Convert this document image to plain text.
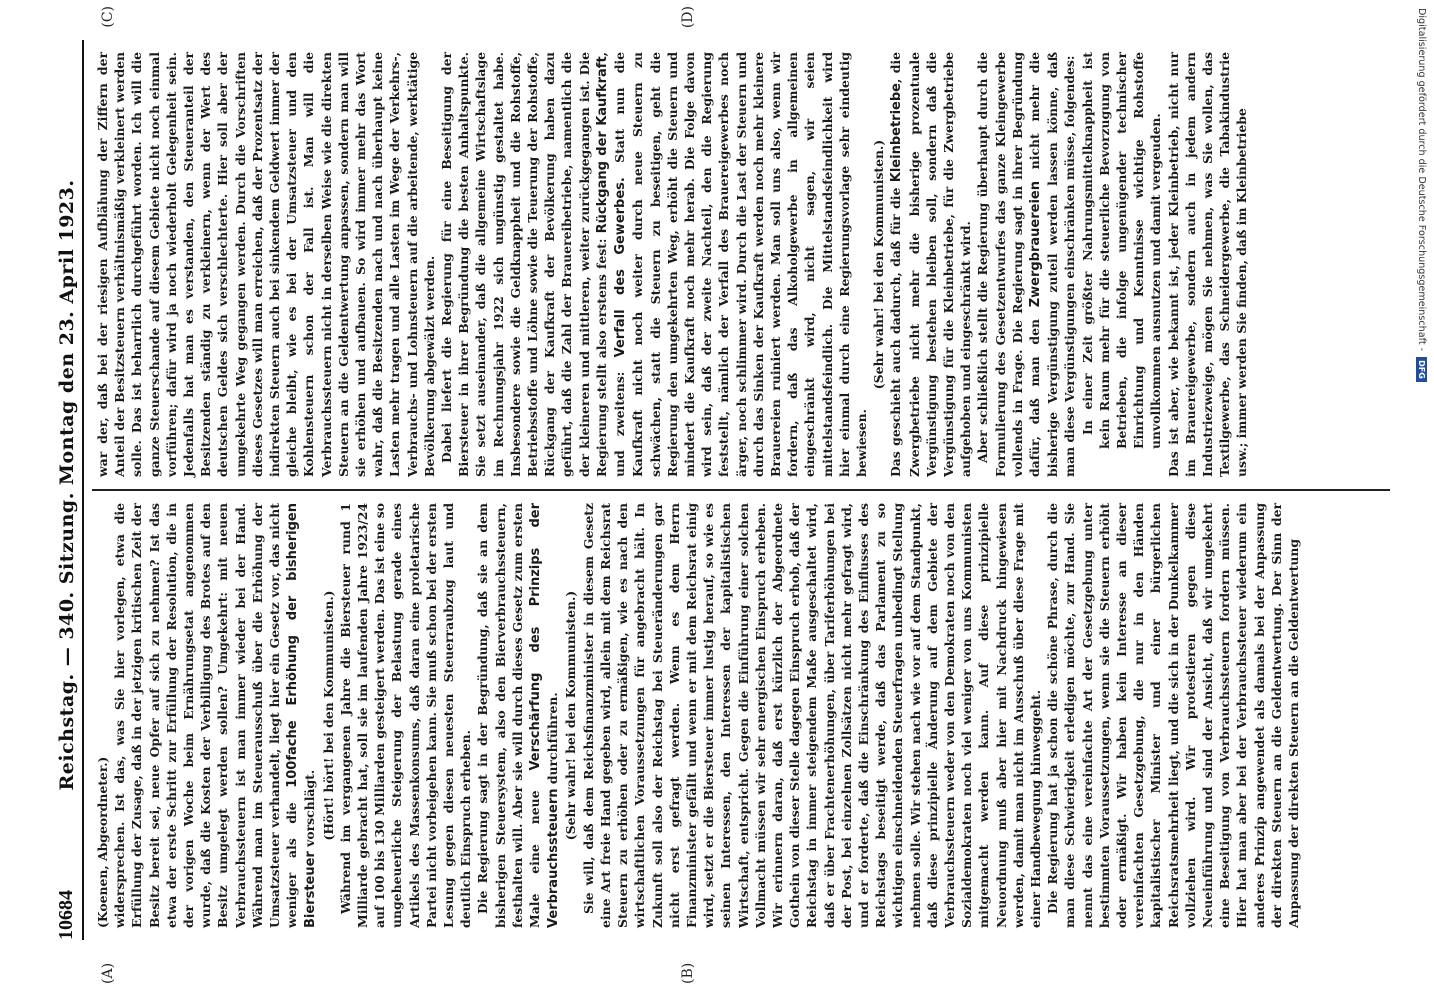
10684
Reichstag. — 340. Sitzung. Montag den 23. April 1923.
(A)	(B)
(C)	(D)

(Koenen, Abgeordneter.) widersprechen. Ist das, was Sie hier vorlegen, etwa die Erfüllung der Zusage, daß in der jetzigen kritischen Zeit der Besitz bereit sei, neue Opfer auf sich zu nehmen? Ist das etwa der erste Schritt zur Erfüllung der Resolution, die in der vorigen Woche beim Ernährungsetat angenommen wurde, daß die Kosten der Verbilligung des Brotes auf den Besitz umgelegt werden sollen? Umgekehrt: mit neuen Verbrauchssteuern ist man immer wieder bei der Hand. Während man im Steuerausschuß über die Erhöhung der Umsatzsteuer verhandelt, liegt hier ein Gesetz vor, das nicht weniger als die 100fache Erhöhung der bisherigen Biersteuer vorschlägt. (Hört! hört! bei den Kommunisten.) Während im vergangenen Jahre die Biersteuer rund 1 Milliarde gebracht hat, soll sie im laufenden Jahre 1923/24 auf 100 bis 130 Milliarden gesteigert werden. Das ist eine so ungeheuerliche Steigerung der Belastung gerade eines Artikels des Massenkonsums, daß daran eine proletarische Partei nicht vorbeigehen kann. Sie muß schon bei der ersten Lesung gegen diesen neuesten Steuerraubzug laut und deutlich Einspruch erheben. Die Regierung sagt in der Begründung, daß sie an dem bisherigen Steuersystem, also den Bierverbrauchssteuern, festhalten will. Aber sie will durch dieses Gesetz zum ersten Male eine neue Verschärfung des Prinzips der Verbrauchssteuern durchführen. (Sehr wahr! bei den Kommunisten.) Sie will, daß dem Reichsfinanzminister in diesem Gesetz eine Art freie Hand gegeben wird, allein mit dem Reichsrat Steuern zu erhöhen oder zu ermäßigen, wie es nach den wirtschaftlichen Voraussetzungen für angebracht hält. In Zukunft soll also der Reichstag bei Steueränderungen gar nicht erst gefragt werden. Wenn es dem Herrn Finanzminister gefällt und wenn er mit dem Reichsrat einig wird, setzt er die Biersteuer immer lustig herauf, so wie es seinen Interessen, den Interessen der kapitalistischen Wirtschaft, entspricht. Gegen die Einführung einer solchen Vollmacht müssen wir sehr energischen Einspruch erheben. Wir erinnern daran, daß erst kürzlich der Abgeordnete Gothein von dieser Stelle dagegen Einspruch erhob, daß der Reichstag in immer steigendem Maße ausgeschaltet wird, daß er über Frachtenerhöhungen, über Tariferhöhungen bei der Post, bei einzelnen Zollsätzen nicht mehr gefragt wird, und er forderte, daß die Einschränkung des Einflusses des Reichstags beseitigt werde, daß das Parlament zu so wichtigen einschneidenden Steuerfragen unbedingt Stellung nehmen solle. Wir stehen nach wie vor auf dem Standpunkt, daß diese prinzipielle Änderung auf dem Gebiete der Verbrauchssteuern weder von den Demokraten noch von den Sozialdemokraten noch viel weniger von uns Kommunisten mitgemacht werden kann. Auf diese prinzipielle Neuordnung muß aber hier mit Nachdruck hingewiesen werden, damit man nicht im Ausschuß über diese Frage mit einer Handbewegung hinweggeht. Die Regierung hat ja schon die schöne Phrase, durch die man diese Schwierigkeit erledigen möchte, zur Hand. Sie nennt das eine vereinfachte Art der Gesetzgebung unter bestimmten Voraussetzungen, wenn sie die Steuern erhöht oder ermäßigt. Wir haben kein Interesse an dieser vereinfachten Gesetzgebung, die nur in den Händen kapitalistischer Minister und einer bürgerlichen Reichsratsmehrheit liegt, und die sich in der Dunkelkammer vollziehen wird. Wir protestieren gegen diese Neueinführung und sind der Ansicht, daß wir umgekehrt eine Beseitigung von Verbrauchssteuern fordern müssen. Hier hat man aber bei der Verbrauchssteuer wiederum ein anderes Prinzip angewendet als damals bei der Anpassung der direkten Steuern an die Geldentwertung. Der Sinn der Anpassung der direkten Steuern an die Geldentwertung

war der, daß bei der riesigen Aufblähung der Ziffern der Anteil der Besitzsteuern verhältnismäßig verkleinert werden solle. Das ist beharrlich durchgeführt worden. Ich will die ganze Steuerschande auf diesem Gebiete nicht noch einmal vorführen; dafür wird ja noch wiederholt Gelegenheit sein. Jedenfalls hat man es verstanden, den Steueranteil der Besitzenden ständig zu verkleinern, wenn der Wert des deutschen Geldes sich verschlechterte. Hier soll aber der umgekehrte Weg gegangen werden. Durch die Vorschriften dieses Gesetzes will man erreichen, daß der Prozentsatz der indirekten Steuern auch bei sinkendem Geldwert immer der gleiche bleibt, wie es bei der Umsatzsteuer und den Kohlensteuern schon der Fall ist. Man will die Verbrauchssteuern nicht in derselben Weise wie die direkten Steuern an die Geldentwertung anpassen, sondern man will sie erhöhen und aufbauen. So wird immer mehr das Wort wahr, daß die Besitzenden nach und nach überhaupt keine Lasten mehr tragen und alle Lasten im Wege der Verkehrs-, Verbrauchs- und Lohnsteuern auf die arbeitende, werktätige Bevölkerung abgewälzt werden. Dabei liefert die Regierung für eine Beseitigung der Biersteuer in ihrer Begründung die besten Anhaltspunkte. Sie setzt auseinander, daß die allgemeine Wirtschaftslage im Rechnungsjahr 1922 sich ungünstig gestaltet habe. Insbesondere sowie die Geldknappheit und die Rohstoffe, Betriebsstoffe und Löhne sowie die Teuerung der Rohstoffe, Rückgang der Kaufkraft der Bevölkerung haben dazu geführt, daß die Zahl der Brauereibetriebe, namentlich die der kleineren und mittleren, weiter zurückgegangen ist. Die Regierung stellt also erstens fest: Rückgang der Kaufkraft, und zweitens: Verfall des Gewerbes. Statt nun die Kaufkraft nicht noch weiter durch neue Steuern zu schwächen, statt die Steuern zu beseitigen, geht die Regierung den umgekehrten Weg, erhöht die Steuern und mindert die Kaufkraft noch mehr herab. Die Folge davon wird sein, daß der zweite Nachteil, den die Regierung feststellt, nämlich der Verfall des Brauereigewerbes noch ärger, noch schlimmer wird. Durch die Last der Steuern und durch das Sinken der Kaufkraft werden noch mehr kleinere Brauereien ruiniert werden. Man soll uns also, wenn wir fordern, daß das Alkoholgewerbe in allgemeinen eingeschränkt wird, nicht sagen, wir seien mittelstandsfeindlich. Die Mittelstandsfeindlichkeit wird hier einmal durch eine Regierungsvorlage sehr eindeutig bewiesen.

(Sehr wahr! bei den Kommunisten.) Das geschieht auch dadurch, daß für die Kleinbetriebe, die Zwergbetriebe nicht mehr die bisherige prozentuale Vergünstigung bestehen bleiben soll, sondern daß die Vergünstigung für die Kleinbetriebe, für die Zwergbetriebe aufgehoben und eingeschränkt wird. Aber schließlich stellt die Regierung überhaupt durch die Formulierung des Gesetzentwurfes das ganze Kleingewerbe vollends in Frage. Die Regierung sagt in ihrer Begründung dafür, daß man den Zwergbrauereien nicht mehr die bisherige Vergünstigung zuteil werden lassen könne, daß man diese Vergünstigungen einschränken müsse, folgendes: In einer Zeit größter Nahrungsmittelknappheit ist kein Raum mehr für die steuerliche Bevorzugung von Betrieben, die infolge ungenügender technischer Einrichtung und Kenntnisse wichtige Rohstoffe unvollkommen ausnutzen und damit vergeuden. Das ist aber, wie bekannt ist, jeder Kleinbetrieb, nicht nur im Brauereigewerbe, sondern auch in jedem andern Industriezweige, mögen Sie nehmen, was Sie wollen, das Textilgewerbe, das Schneidergewerbe, die Tabakindustrie usw.; immer werden Sie finden, daß im Kleinbetriebe	Digitalisierung gefördert durch die Deutsche Forschungsgemeinschaft -
DFG
